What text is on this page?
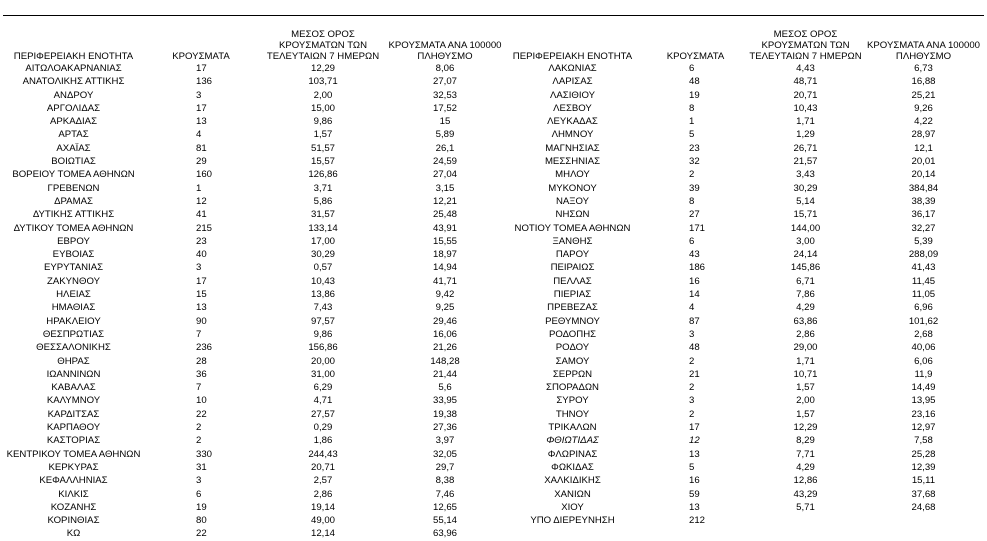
ΠΕΡΙΦΕΡΕΙΑΚΗ ΕΝΟΤΗΤΑ	ΚΡΟΥΣΜΑΤΑ	ΜΕΣΟΣ ΟΡΟΣ ΚΡΟΥΣΜΑΤΩΝ ΤΩΝ ΤΕΛΕΥΤΑΙΩΝ 7 ΗΜΕΡΩΝ	ΚΡΟΥΣΜΑΤΑ ΑΝΑ 100000 ΠΛΗΘΥΣΜΟ
ΑΙΤΩΛΟΑΚΑΡΝΑΝΙΑΣ	17	12,29	8,06
ΑΝΑΤΟΛΙΚΗΣ ΑΤΤΙΚΗΣ	136	103,71	27,07
ΑΝΔΡΟΥ	3	2,00	32,53
ΑΡΓΟΛΙΔΑΣ	17	15,00	17,52
ΑΡΚΑΔΙΑΣ	13	9,86	15
ΑΡΤΑΣ	4	1,57	5,89
ΑΧΑΪΑΣ	81	51,57	26,1
ΒΟΙΩΤΙΑΣ	29	15,57	24,59
ΒΟΡΕΙΟΥ ΤΟΜΕΑ ΑΘΗΝΩΝ	160	126,86	27,04
ΓΡΕΒΕΝΩΝ	1	3,71	3,15
ΔΡΑΜΑΣ	12	5,86	12,21
ΔΥΤΙΚΗΣ ΑΤΤΙΚΗΣ	41	31,57	25,48
ΔΥΤΙΚΟΥ ΤΟΜΕΑ ΑΘΗΝΩΝ	215	133,14	43,91
ΕΒΡΟΥ	23	17,00	15,55
ΕΥΒΟΙΑΣ	40	30,29	18,97
ΕΥΡΥΤΑΝΙΑΣ	3	0,57	14,94
ΖΑΚΥΝΘΟΥ	17	10,43	41,71
ΗΛΕΙΑΣ	15	13,86	9,42
ΗΜΑΘΙΑΣ	13	7,43	9,25
ΗΡΑΚΛΕΙΟΥ	90	97,57	29,46
ΘΕΣΠΡΩΤΙΑΣ	7	9,86	16,06
ΘΕΣΣΑΛΟΝΙΚΗΣ	236	156,86	21,26
ΘΗΡΑΣ	28	20,00	148,28
ΙΩΑΝΝΙΝΩΝ	36	31,00	21,44
ΚΑΒΑΛΑΣ	7	6,29	5,6
ΚΑΛΥΜΝΟΥ	10	4,71	33,95
ΚΑΡΔΙΤΣΑΣ	22	27,57	19,38
ΚΑΡΠΑΘΟΥ	2	0,29	27,36
ΚΑΣΤΟΡΙΑΣ	2	1,86	3,97
ΚΕΝΤΡΙΚΟΥ ΤΟΜΕΑ ΑΘΗΝΩΝ	330	244,43	32,05
ΚΕΡΚΥΡΑΣ	31	20,71	29,7
ΚΕΦΑΛΛΗΝΙΑΣ	3	2,57	8,38
ΚΙΛΚΙΣ	6	2,86	7,46
ΚΟΖΑΝΗΣ	19	19,14	12,65
ΚΟΡΙΝΘΙΑΣ	80	49,00	55,14
ΚΩ	22	12,14	63,96
ΠΕΡΙΦΕΡΕΙΑΚΗ ΕΝΟΤΗΤΑ	ΚΡΟΥΣΜΑΤΑ	ΜΕΣΟΣ ΟΡΟΣ ΚΡΟΥΣΜΑΤΩΝ ΤΩΝ ΤΕΛΕΥΤΑΙΩΝ 7 ΗΜΕΡΩΝ	ΚΡΟΥΣΜΑΤΑ ΑΝΑ 100000 ΠΛΗΘΥΣΜΟ
ΛΑΚΩΝΙΑΣ	6	4,43	6,73
ΛΑΡΙΣΑΣ	48	48,71	16,88
ΛΑΣΙΘΙΟΥ	19	20,71	25,21
ΛΕΣΒΟΥ	8	10,43	9,26
ΛΕΥΚΑΔΑΣ	1	1,71	4,22
ΛΗΜΝΟΥ	5	1,29	28,97
ΜΑΓΝΗΣΙΑΣ	23	26,71	12,1
ΜΕΣΣΗΝΙΑΣ	32	21,57	20,01
ΜΗΛΟΥ	2	3,43	20,14
ΜΥΚΟΝΟΥ	39	30,29	384,84
ΝΑΞΟΥ	8	5,14	38,39
ΝΗΣΩΝ	27	15,71	36,17
ΝΟΤΙΟΥ ΤΟΜΕΑ ΑΘΗΝΩΝ	171	144,00	32,27
ΞΑΝΘΗΣ	6	3,00	5,39
ΠΑΡΟΥ	43	24,14	288,09
ΠΕΙΡΑΙΩΣ	186	145,86	41,43
ΠΕΛΛΑΣ	16	6,71	11,45
ΠΙΕΡΙΑΣ	14	7,86	11,05
ΠΡΕΒΕΖΑΣ	4	4,29	6,96
ΡΕΘΥΜΝΟΥ	87	63,86	101,62
ΡΟΔΟΠΗΣ	3	2,86	2,68
ΡΟΔΟΥ	48	29,00	40,06
ΣΑΜΟΥ	2	1,71	6,06
ΣΕΡΡΩΝ	21	10,71	11,9
ΣΠΟΡΑΔΩΝ	2	1,57	14,49
ΣΥΡΟΥ	3	2,00	13,95
ΤΗΝΟΥ	2	1,57	23,16
ΤΡΙΚΑΛΩΝ	17	12,29	12,97
ΦΘΙΩΤΙΔΑΣ	12	8,29	7,58
ΦΛΩΡΙΝΑΣ	13	7,71	25,28
ΦΩΚΙΔΑΣ	5	4,29	12,39
ΧΑΛΚΙΔΙΚΗΣ	16	12,86	15,11
ΧΑΝΙΩΝ	59	43,29	37,68
ΧΙΟΥ	13	5,71	24,68
ΥΠΟ ΔΙΕΡΕΥΝΗΣΗ	212		
